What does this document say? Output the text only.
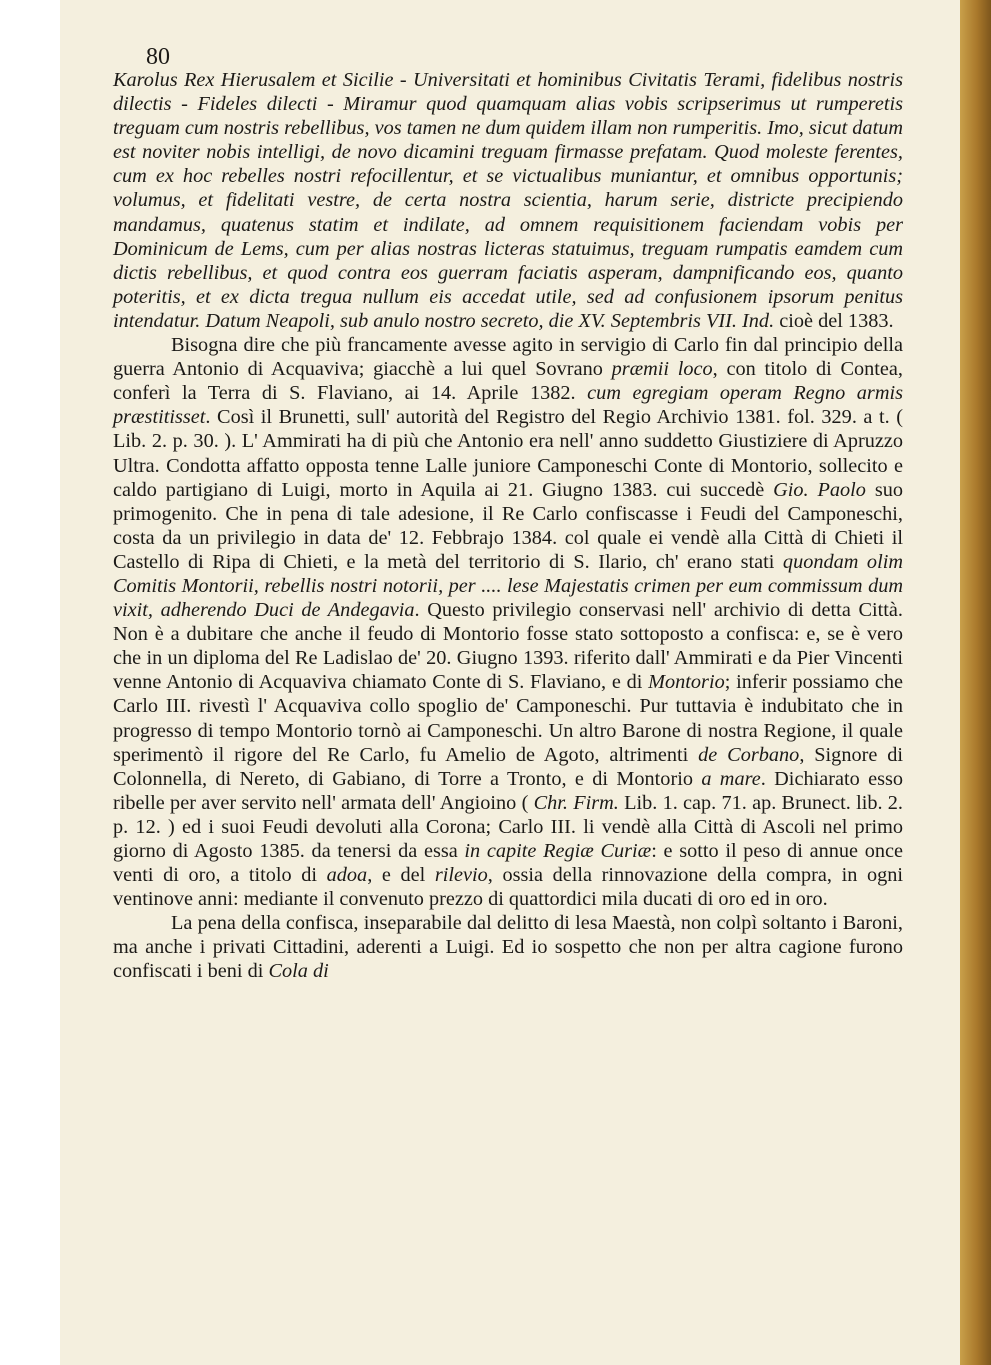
80

Karolus Rex Hierusalem et Sicilie - Universitati et hominibus Civitatis Terami, fidelibus nostris dilectis - Fideles dilecti - Miramur quod quamquam alias vobis scripserimus ut rumperetis treguam cum nostris rebellibus, vos tamen ne dum quidem illam non rumperitis. Imo, sicut datum est noviter nobis intelligi, de novo dicamini treguam firmasse prefatam. Quod moleste ferentes, cum ex hoc rebelles nostri refocillentur, et se victualibus muniantur, et omnibus opportunis; volumus, et fidelitati vestre, de certa nostra scientia, harum serie, districte precipiendo mandamus, quatenus statim et indilate, ad omnem requisitionem faciendam vobis per Dominicum de Lems, cum per alias nostras licteras statuimus, treguam rumpatis eamdem cum dictis rebellibus, et quod contra eos guerram faciatis asperam, dampnificando eos, quanto poteritis, et ex dicta tregua nullum eis accedat utile, sed ad confusionem ipsorum penitus intendatur. Datum Neapoli, sub anulo nostro secreto, die XV. Septembris VII. Ind. cioè del 1383.

Bisogna dire che più francamente avesse agito in servigio di Carlo fin dal principio della guerra Antonio di Acquaviva; giacchè a lui quel Sovrano præmii loco, con titolo di Contea, conferì la Terra di S. Flaviano, ai 14. Aprile 1382. cum egregiam operam Regno armis præstitisset. Così il Brunetti, sull' autorità del Registro del Regio Archivio 1381. fol. 329. a t. ( Lib. 2. p. 30. ). L' Ammirati ha di più che Antonio era nell' anno suddetto Giustiziere di Apruzzo Ultra. Condotta affatto opposta tenne Lalle juniore Camponeschi Conte di Montorio, sollecito e caldo partigiano di Luigi, morto in Aquila ai 21. Giugno 1383. cui succedè Gio. Paolo suo primogenito. Che in pena di tale adesione, il Re Carlo confiscasse i Feudi del Camponeschi, costa da un privilegio in data de' 12. Febbrajo 1384. col quale ei vendè alla Città di Chieti il Castello di Ripa di Chieti, e la metà del territorio di S. Ilario, ch' erano stati quondam olim Comitis Montorii, rebellis nostri notorii, per .... lese Majestatis crimen per eum commissum dum vixit, adherendo Duci de Andegavia. Questo privilegio conservasi nell' archivio di detta Città. Non è a dubitare che anche il feudo di Montorio fosse stato sottoposto a confisca: e, se è vero che in un diploma del Re Ladislao de' 20. Giugno 1393. riferito dall' Ammirati e da Pier Vincenti venne Antonio di Acquaviva chiamato Conte di S. Flaviano, e di Montorio; inferir possiamo che Carlo III. rivestì l' Acquaviva collo spoglio de' Camponeschi. Pur tuttavia è indubitato che in progresso di tempo Montorio tornò ai Camponeschi. Un altro Barone di nostra Regione, il quale sperimentò il rigore del Re Carlo, fu Amelio de Agoto, altrimenti de Corbano, Signore di Colonnella, di Nereto, di Gabiano, di Torre a Tronto, e di Montorio a mare. Dichiarato esso ribelle per aver servito nell' armata dell' Angioino ( Chr. Firm. Lib. 1. cap. 71. ap. Brunect. lib. 2. p. 12. ) ed i suoi Feudi devoluti alla Corona; Carlo III. li vendè alla Città di Ascoli nel primo giorno di Agosto 1385. da tenersi da essa in capite Regiæ Curiæ: e sotto il peso di annue once venti di oro, a titolo di adoa, e del rilevio, ossia della rinnovazione della compra, in ogni ventinove anni: mediante il convenuto prezzo di quattordici mila ducati di oro ed in oro.

La pena della confisca, inseparabile dal delitto di lesa Maestà, non colpì soltanto i Baroni, ma anche i privati Cittadini, aderenti a Luigi. Ed io sospetto che non per altra cagione furono confiscati i beni di Cola di
